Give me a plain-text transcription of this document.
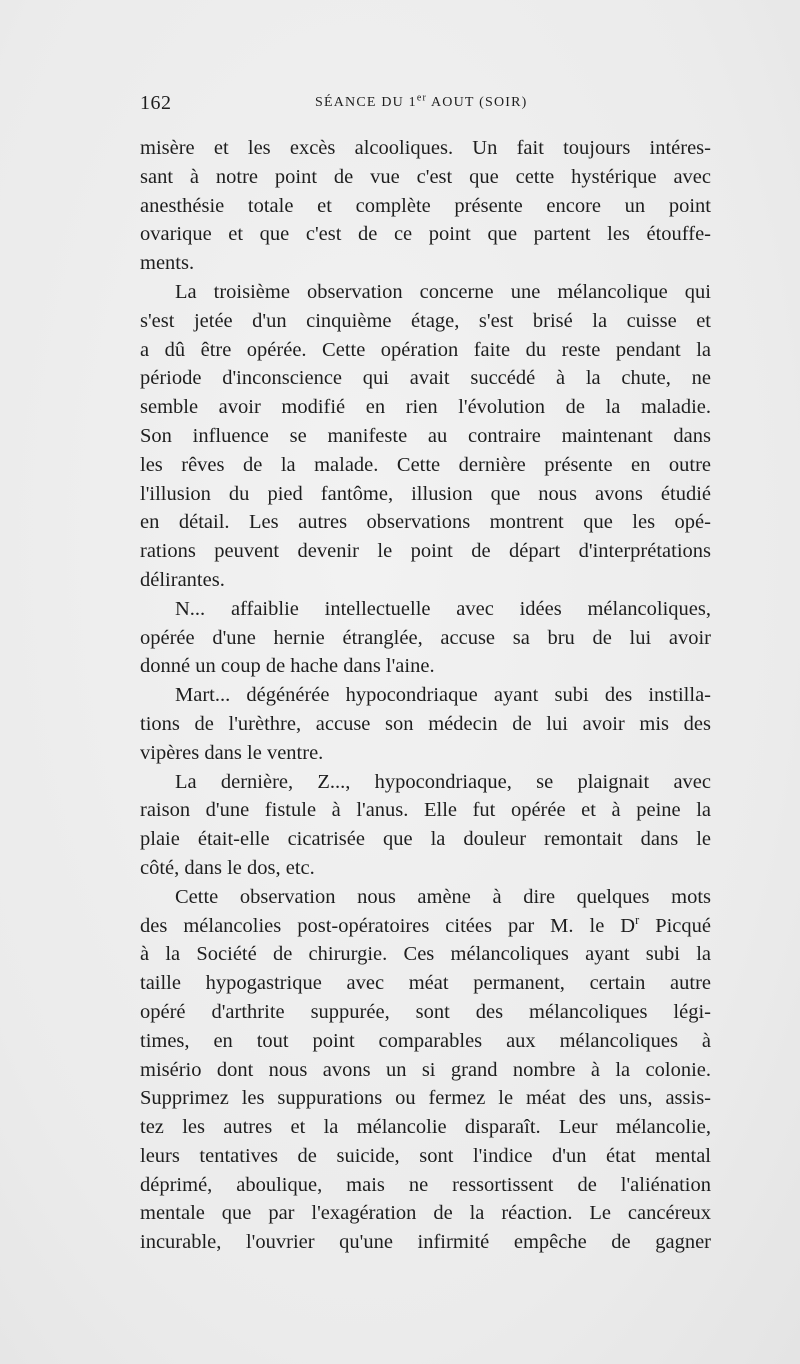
162	SÉANCE DU 1er AOUT (SOIR)
misère et les excès alcooliques. Un fait toujours intéres-
sant à notre point de vue c'est que cette hystérique avec
anesthésie totale et complète présente encore un point
ovarique et que c'est de ce point que partent les étouffe-
ments.
La troisième observation concerne une mélancolique qui
s'est jetée d'un cinquième étage, s'est brisé la cuisse et
a dû être opérée. Cette opération faite du reste pendant la
période d'inconscience qui avait succédé à la chute, ne
semble avoir modifié en rien l'évolution de la maladie.
Son influence se manifeste au contraire maintenant dans
les rêves de la malade. Cette dernière présente en outre
l'illusion du pied fantôme, illusion que nous avons étudié
en détail. Les autres observations montrent que les opé-
rations peuvent devenir le point de départ d'interprétations
délirantes.
N... affaiblie intellectuelle avec idées mélancoliques,
opérée d'une hernie étranglée, accuse sa bru de lui avoir
donné un coup de hache dans l'aine.
Mart... dégénérée hypocondriaque ayant subi des instilla-
tions de l'urèthre, accuse son médecin de lui avoir mis des
vipères dans le ventre.
La dernière, Z..., hypocondriaque, se plaignait avec
raison d'une fistule à l'anus. Elle fut opérée et à peine la
plaie était-elle cicatrisée que la douleur remontait dans le
côté, dans le dos, etc.
Cette observation nous amène à dire quelques mots
des mélancolies post-opératoires citées par M. le $D^r$ Picqué
à la Société de chirurgie. Ces mélancoliques ayant subi la
taille hypogastrique avec méat permanent, certain autre
opéré d'arthrite suppurée, sont des mélancoliques légi-
times, en tout point comparables aux mélancoliques à
misério dont nous avons un si grand nombre à la colonie.
Supprimez les suppurations ou fermez le méat des uns, assis-
tez les autres et la mélancolie disparaît. Leur mélancolie,
leurs tentatives de suicide, sont l'indice d'un état mental
déprimé, aboulique, mais ne ressortissent de l'aliénation
mentale que par l'exagération de la réaction. Le cancéreux
incurable, l'ouvrier qu'une infirmité empêche de gagner
